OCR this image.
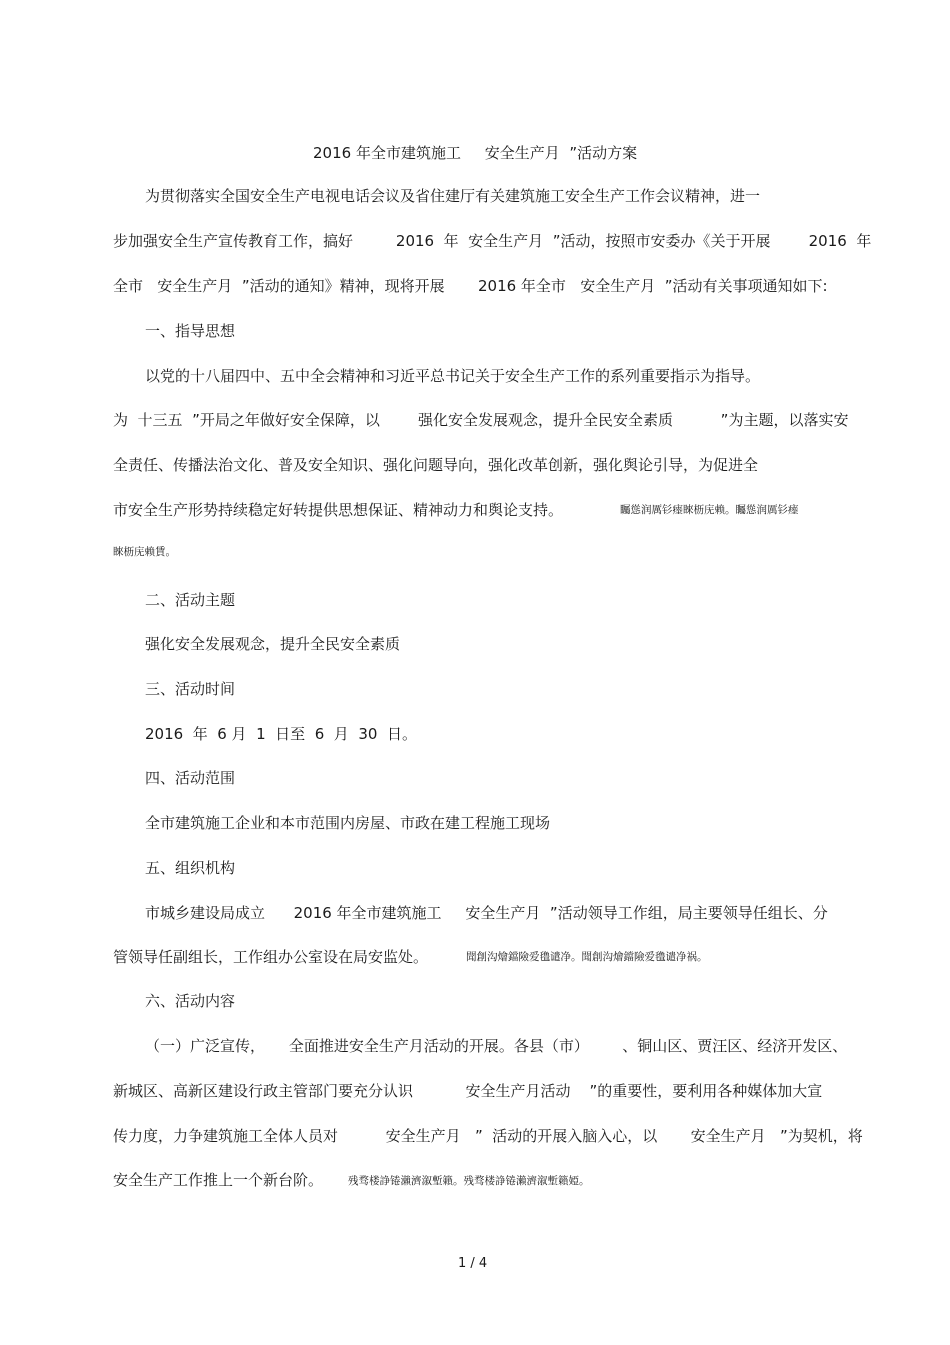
2016 年全市建筑施工     安全生产月  ”活动方案
为贯彻落实全国安全生产电视电话会议及省住建厅有关建筑施工安全生产工作会议精神，进一
步加强安全生产宣传教育工作，搞好         2016  年  安全生产月  ”活动，按照市安委办《关于开展        2016  年
全市   安全生产月  ”活动的通知》精神，现将开展       2016 年全市   安全生产月  ”活动有关事项通知如下:
一、指导思想
以党的十八届四中、五中全会精神和习近平总书记关于安全生产工作的系列重要指示为指导。
为  十三五  ”开局之年做好安全保障，以        强化安全发展观念，提升全民安全素质          ”为主题，以落实安
全责任、传播法治文化、普及安全知识、强化问题导向，强化改革创新，强化舆论引导，为促进全
市安全生产形势持续稳定好转提供思想保证、精神动力和舆论支持。	矚慫润厲钐瘗睞枥庑赖。矚慫润厲钐瘗
睞枥庑赖賃。
二、活动主题
强化安全发展观念，提升全民安全素质
三、活动时间
2016  年  6 月  1  日至  6  月  30  日。
四、活动范围
全市建筑施工企业和本市范围内房屋、市政在建工程施工现场
五、组织机构
市城乡建设局成立      2016 年全市建筑施工     安全生产月  ”活动领导工作组，局主要领导任组长、分
管领导任副组长，工作组办公室设在局安监处。	聞創沟燴鐺險爱氇谴净。聞創沟燴鐺險爱氇谴净祸。
六、活动内容
（一）广泛宣传，     全面推进安全生产月活动的开展。各县（市）       、铜山区、贾汪区、经济开发区、
新城区、高新区建设行政主管部门要充分认识           安全生产月活动    ”的重要性，要利用各种媒体加大宣
传力度，力争建筑施工全体人员对          安全生产月   ”  活动的开展入脑入心，以       安全生产月   ”为契机，将
安全生产工作推上一个新台阶。 残骛楼諍锩瀨濟溆塹籟。残骛楼諍锩瀨濟溆塹籟婭。
1 / 4
